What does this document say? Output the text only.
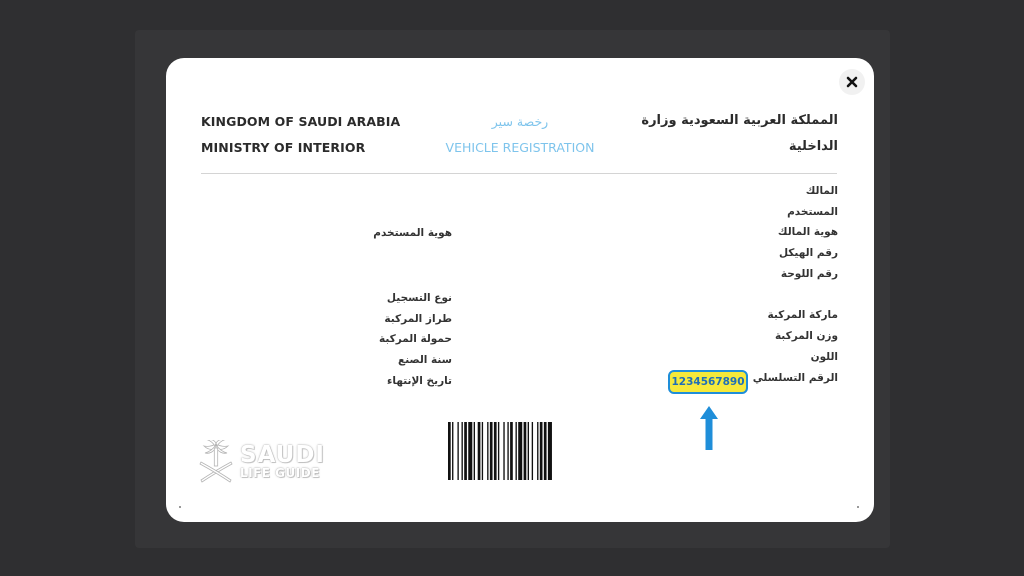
KINGDOM OF SAUDI ARABIA
MINISTRY OF INTERIOR
رخصة سير
VEHICLE REGISTRATION
المملكة العربية السعودية وزارة
الداخلية
المالك
المستخدم
هوية المالك
رقم الهيكل
رقم اللوحة
ماركة المركبة
وزن المركبة
اللون
الرقم التسلسلي
هوية المستخدم
نوع التسجيل
طراز المركبة
حمولة المركبة
سنة الصنع
تاريخ الإنتهاء	1234567890
SAUDI
LIFE GUIDE
